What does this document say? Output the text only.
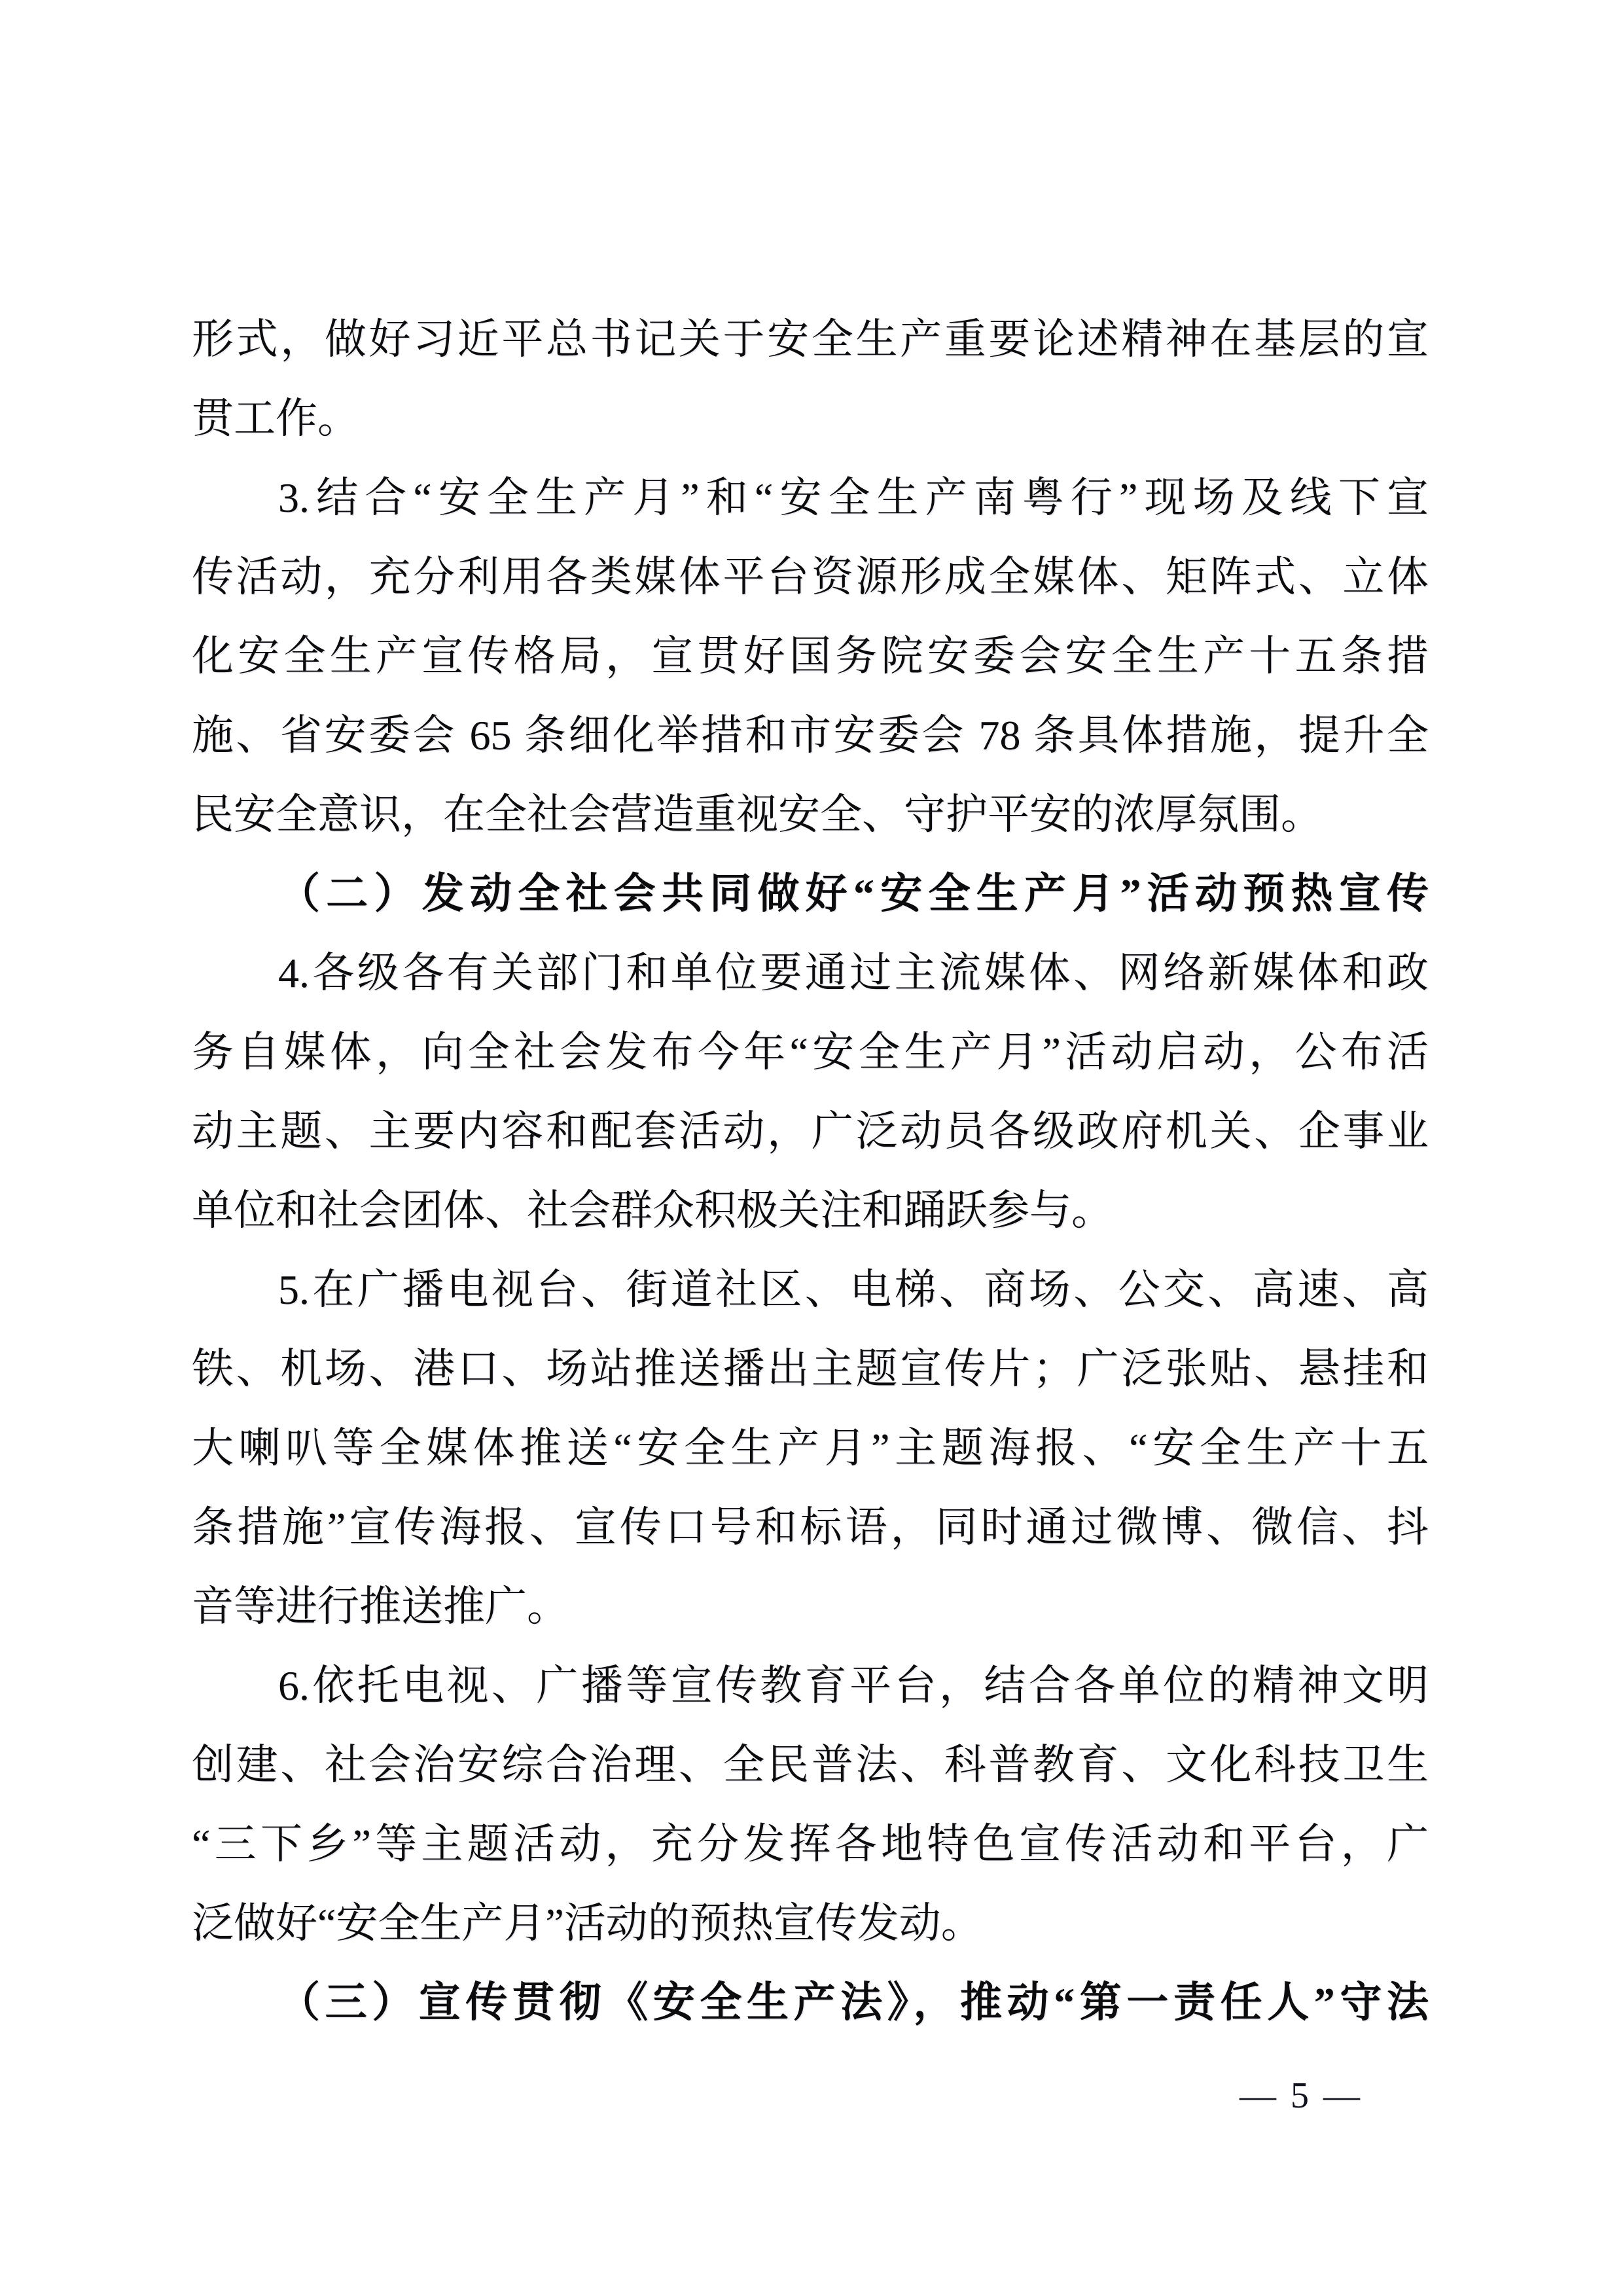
形式，做好习近平总书记关于安全生产重要论述精神在基层的宣
贯工作。
3.结合“安全生产月”和“安全生产南粤行”现场及线下宣
传活动，充分利用各类媒体平台资源形成全媒体、矩阵式、立体
化安全生产宣传格局，宣贯好国务院安委会安全生产十五条措
施、省安委会 65 条细化举措和市安委会 78 条具体措施，提升全
民安全意识，在全社会营造重视安全、守护平安的浓厚氛围。
（二）发动全社会共同做好“安全生产月”活动预热宣传
4.各级各有关部门和单位要通过主流媒体、网络新媒体和政
务自媒体，向全社会发布今年“安全生产月”活动启动，公布活
动主题、主要内容和配套活动，广泛动员各级政府机关、企事业
单位和社会团体、社会群众积极关注和踊跃参与。
5.在广播电视台、街道社区、电梯、商场、公交、高速、高
铁、机场、港口、场站推送播出主题宣传片；广泛张贴、悬挂和
大喇叭等全媒体推送“安全生产月”主题海报、“安全生产十五
条措施”宣传海报、宣传口号和标语，同时通过微博、微信、抖
音等进行推送推广。
6.依托电视、广播等宣传教育平台，结合各单位的精神文明
创建、社会治安综合治理、全民普法、科普教育、文化科技卫生
“三下乡”等主题活动，充分发挥各地特色宣传活动和平台，广
泛做好“安全生产月”活动的预热宣传发动。
（三）宣传贯彻《安全生产法》，推动“第一责任人”守法
— 5 —
